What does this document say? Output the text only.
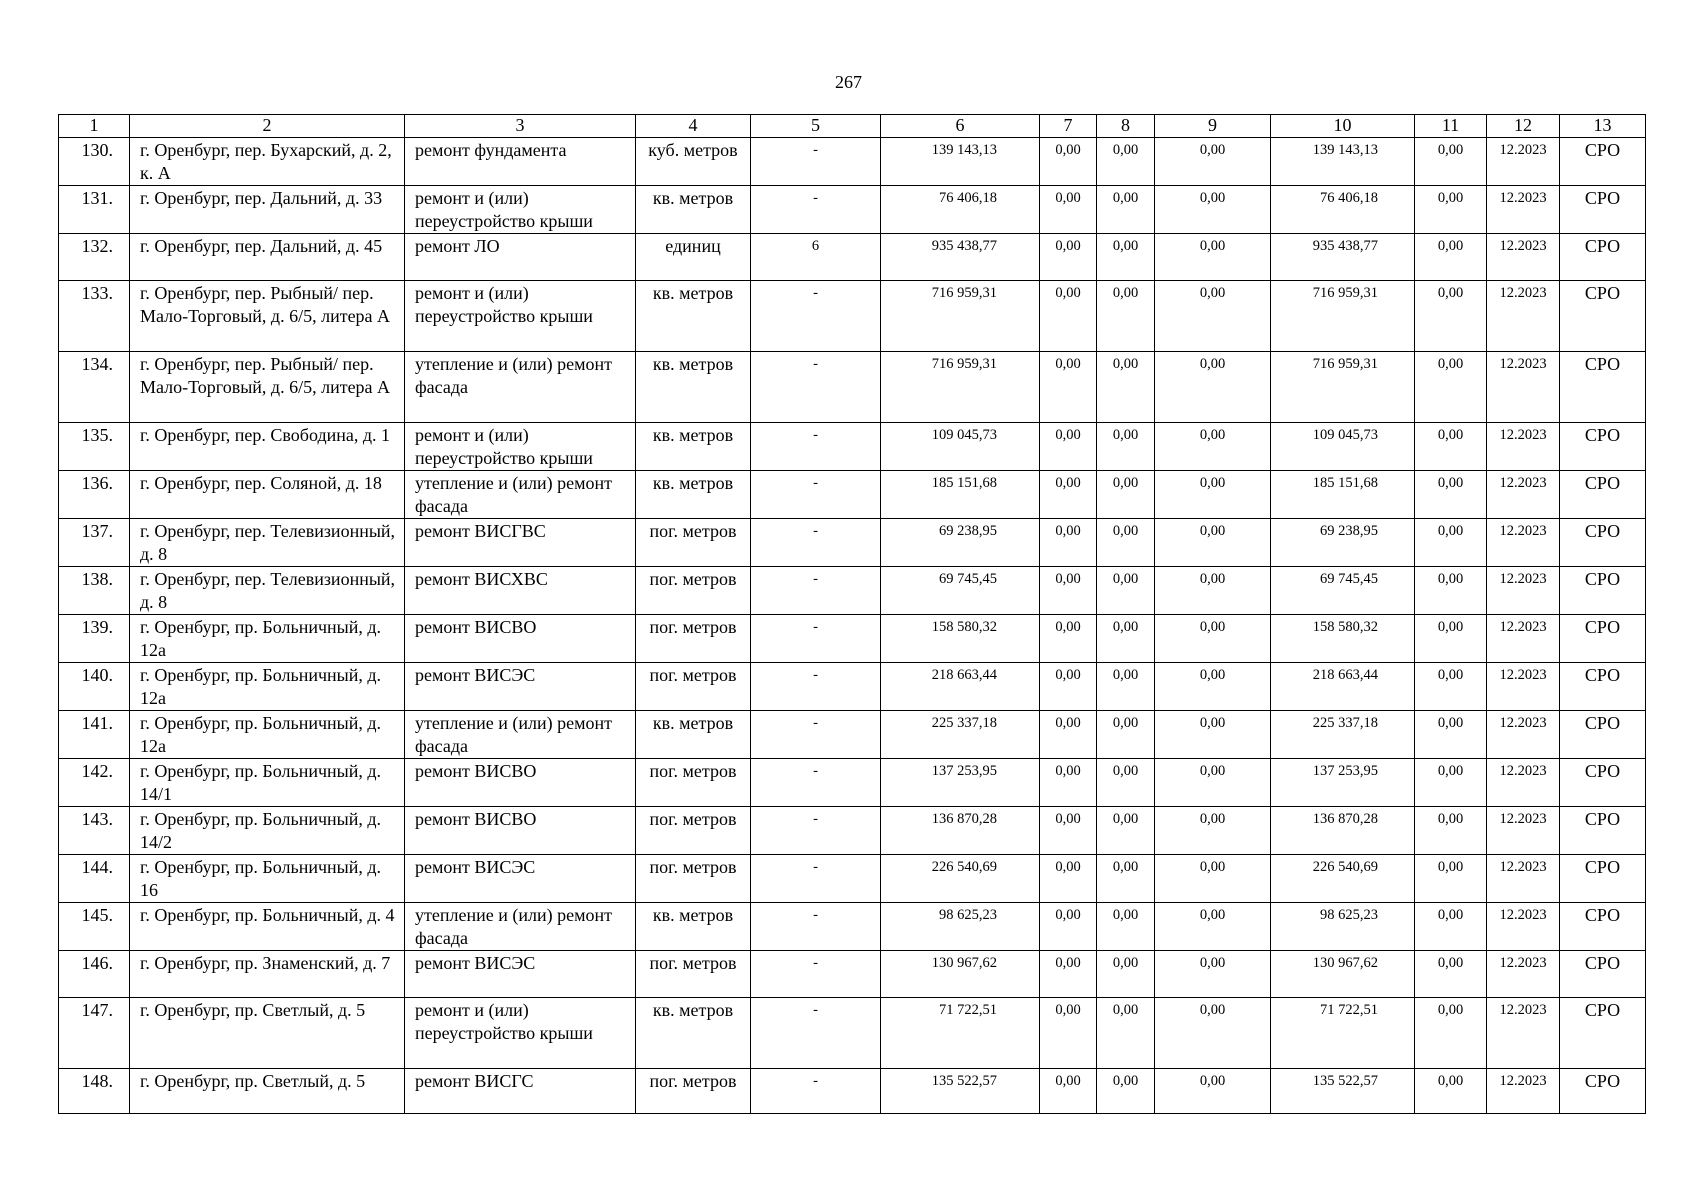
267
1	2	3	4	5	6	7	8	9	10	11	12	13
130.	г. Оренбург, пер. Бухарский, д. 2, к. А	ремонт фундамента	куб. метров	-	139 143,13	0,00	0,00	0,00	139 143,13	0,00	12.2023	СРО
131.	г. Оренбург, пер. Дальний, д. 33	ремонт и (или) переустройство крыши	кв. метров	-	76 406,18	0,00	0,00	0,00	76 406,18	0,00	12.2023	СРО
132.	г. Оренбург, пер. Дальний, д. 45	ремонт ЛО	единиц	6	935 438,77	0,00	0,00	0,00	935 438,77	0,00	12.2023	СРО
133.	г. Оренбург, пер. Рыбный/ пер. Мало-Торговый, д. 6/5, литера А	ремонт и (или) переустройство крыши	кв. метров	-	716 959,31	0,00	0,00	0,00	716 959,31	0,00	12.2023	СРО
134.	г. Оренбург, пер. Рыбный/ пер. Мало-Торговый, д. 6/5, литера А	утепление и (или) ремонт фасада	кв. метров	-	716 959,31	0,00	0,00	0,00	716 959,31	0,00	12.2023	СРО
135.	г. Оренбург, пер. Свободина, д. 1	ремонт и (или) переустройство крыши	кв. метров	-	109 045,73	0,00	0,00	0,00	109 045,73	0,00	12.2023	СРО
136.	г. Оренбург, пер. Соляной, д. 18	утепление и (или) ремонт фасада	кв. метров	-	185 151,68	0,00	0,00	0,00	185 151,68	0,00	12.2023	СРО
137.	г. Оренбург, пер. Телевизионный, д. 8	ремонт ВИСГВС	пог. метров	-	69 238,95	0,00	0,00	0,00	69 238,95	0,00	12.2023	СРО
138.	г. Оренбург, пер. Телевизионный, д. 8	ремонт ВИСХВС	пог. метров	-	69 745,45	0,00	0,00	0,00	69 745,45	0,00	12.2023	СРО
139.	г. Оренбург, пр. Больничный, д. 12а	ремонт ВИСВО	пог. метров	-	158 580,32	0,00	0,00	0,00	158 580,32	0,00	12.2023	СРО
140.	г. Оренбург, пр. Больничный, д. 12а	ремонт ВИСЭС	пог. метров	-	218 663,44	0,00	0,00	0,00	218 663,44	0,00	12.2023	СРО
141.	г. Оренбург, пр. Больничный, д. 12а	утепление и (или) ремонт фасада	кв. метров	-	225 337,18	0,00	0,00	0,00	225 337,18	0,00	12.2023	СРО
142.	г. Оренбург, пр. Больничный, д. 14/1	ремонт ВИСВО	пог. метров	-	137 253,95	0,00	0,00	0,00	137 253,95	0,00	12.2023	СРО
143.	г. Оренбург, пр. Больничный, д. 14/2	ремонт ВИСВО	пог. метров	-	136 870,28	0,00	0,00	0,00	136 870,28	0,00	12.2023	СРО
144.	г. Оренбург, пр. Больничный, д. 16	ремонт ВИСЭС	пог. метров	-	226 540,69	0,00	0,00	0,00	226 540,69	0,00	12.2023	СРО
145.	г. Оренбург, пр. Больничный, д. 4	утепление и (или) ремонт фасада	кв. метров	-	98 625,23	0,00	0,00	0,00	98 625,23	0,00	12.2023	СРО
146.	г. Оренбург, пр. Знаменский, д. 7	ремонт ВИСЭС	пог. метров	-	130 967,62	0,00	0,00	0,00	130 967,62	0,00	12.2023	СРО
147.	г. Оренбург, пр. Светлый, д. 5	ремонт и (или) переустройство крыши	кв. метров	-	71 722,51	0,00	0,00	0,00	71 722,51	0,00	12.2023	СРО
148.	г. Оренбург, пр. Светлый, д. 5	ремонт ВИСГС	пог. метров	-	135 522,57	0,00	0,00	0,00	135 522,57	0,00	12.2023	СРО
